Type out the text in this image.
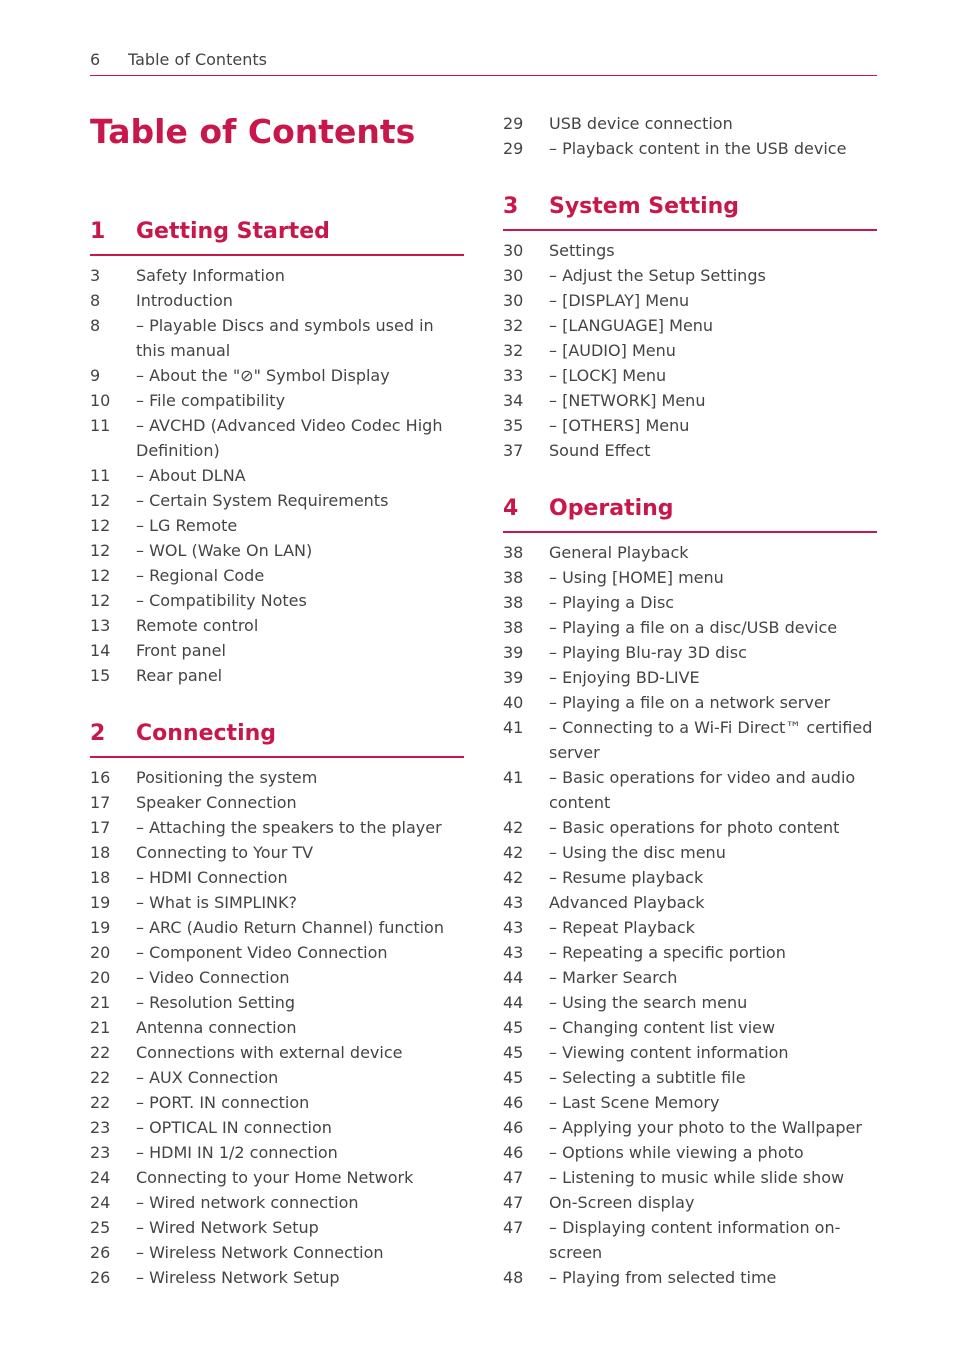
6 Table of Contents
Table of Contents
1 Getting Started
3 Safety Information
8 Introduction
8 – Playable Discs and symbols used in this manual
9 – About the "⊘" Symbol Display
10 – File compatibility
11 – AVCHD (Advanced Video Codec High Definition)
11 – About DLNA
12 – Certain System Requirements
12 – LG Remote
12 – WOL (Wake On LAN)
12 – Regional Code
12 – Compatibility Notes
13 Remote control
14 Front panel
15 Rear panel
2 Connecting
16 Positioning the system
17 Speaker Connection
17 – Attaching the speakers to the player
18 Connecting to Your TV
18 – HDMI Connection
19 – What is SIMPLINK?
19 – ARC (Audio Return Channel) function
20 – Component Video Connection
20 – Video Connection
21 – Resolution Setting
21 Antenna connection
22 Connections with external device
22 – AUX Connection
22 – PORT. IN connection
23 – OPTICAL IN connection
23 – HDMI IN 1/2 connection
24 Connecting to your Home Network
24 – Wired network connection
25 – Wired Network Setup
26 – Wireless Network Connection
26 – Wireless Network Setup
29 USB device connection
29 – Playback content in the USB device
3 System Setting
30 Settings
30 – Adjust the Setup Settings
30 – [DISPLAY] Menu
32 – [LANGUAGE] Menu
32 – [AUDIO] Menu
33 – [LOCK] Menu
34 – [NETWORK] Menu
35 – [OTHERS] Menu
37 Sound Effect
4 Operating
38 General Playback
38 – Using [HOME] menu
38 – Playing a Disc
38 – Playing a file on a disc/USB device
39 – Playing Blu-ray 3D disc
39 – Enjoying BD-LIVE
40 – Playing a file on a network server
41 – Connecting to a Wi-Fi Direct™ certified server
41 – Basic operations for video and audio content
42 – Basic operations for photo content
42 – Using the disc menu
42 – Resume playback
43 Advanced Playback
43 – Repeat Playback
43 – Repeating a specific portion
44 – Marker Search
44 – Using the search menu
45 – Changing content list view
45 – Viewing content information
45 – Selecting a subtitle file
46 – Last Scene Memory
46 – Applying your photo to the Wallpaper
46 – Options while viewing a photo
47 – Listening to music while slide show
47 On-Screen display
47 – Displaying content information on-screen
48 – Playing from selected time
